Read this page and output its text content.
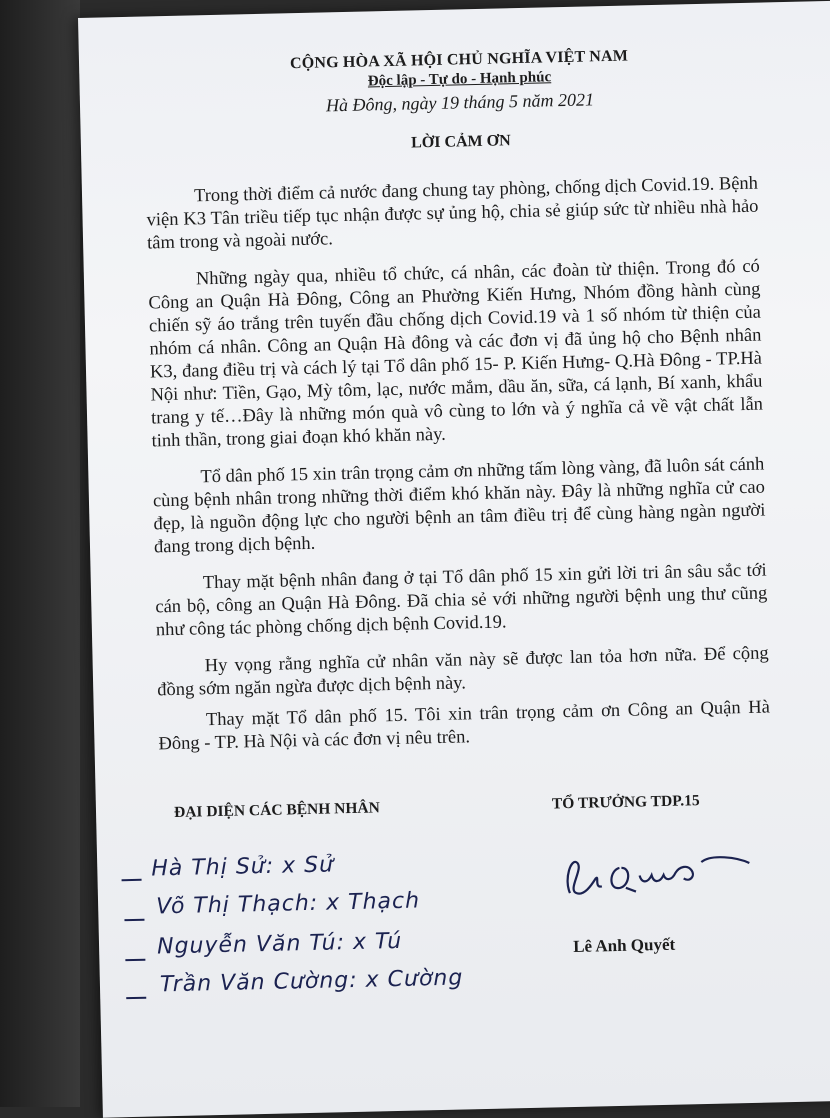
CỘNG HÒA XÃ HỘI CHỦ NGHĨA VIỆT NAM
Độc lập - Tự do - Hạnh phúc
Hà Đông, ngày 19 tháng 5 năm 2021
LỜI CẢM ƠN

Trong thời điểm cả nước đang chung tay phòng, chống dịch Covid.19. Bệnh viện K3 Tân triều tiếp tục nhận được sự ủng hộ, chia sẻ giúp sức từ nhiều nhà hảo tâm trong và ngoài nước.

Những ngày qua, nhiều tổ chức, cá nhân, các đoàn từ thiện. Trong đó có Công an Quận Hà Đông, Công an Phường Kiến Hưng, Nhóm đồng hành cùng chiến sỹ áo trắng trên tuyến đầu chống dịch Covid.19 và 1 số nhóm từ thiện của nhóm cá nhân. Công an Quận Hà đông và các đơn vị đã ủng hộ cho Bệnh nhân K3, đang điều trị và cách lý tại Tổ dân phố 15- P. Kiến Hưng- Q.Hà Đông - TP.Hà Nội như: Tiền, Gạo, Mỳ tôm, lạc, nước mắm, dầu ăn, sữa, cá lạnh, Bí xanh, khẩu trang y tế…Đây là những món quà vô cùng to lớn và ý nghĩa cả về vật chất lẫn tinh thần, trong giai đoạn khó khăn này.

Tổ dân phố 15 xin trân trọng cảm ơn những tấm lòng vàng, đã luôn sát cánh cùng bệnh nhân trong những thời điểm khó khăn này. Đây là những nghĩa cử cao đẹp, là nguồn động lực cho người bệnh an tâm điều trị để cùng hàng ngàn người đang trong dịch bệnh.

Thay mặt bệnh nhân đang ở tại Tổ dân phố 15 xin gửi lời tri ân sâu sắc tới cán bộ, công an Quận Hà Đông. Đã chia sẻ với những người bệnh ung thư cũng như công tác phòng chống dịch bệnh Covid.19.

Hy vọng rằng nghĩa cử nhân văn này sẽ được lan tỏa hơn nữa. Để cộng đồng sớm ngăn ngừa được dịch bệnh này.

Thay mặt Tổ dân phố 15. Tôi xin trân trọng cảm ơn Công an Quận Hà Đông - TP. Hà Nội và các đơn vị nêu trên.

ĐẠI DIỆN CÁC BỆNH NHÂN	TỔ TRƯỞNG TDP.15
Hà Thị Sử: x Sử
Võ Thị Thạch: x Thạch
Nguyễn Văn Tú: x Tú
Trần Văn Cường: x Cường
Lê Anh Quyết
